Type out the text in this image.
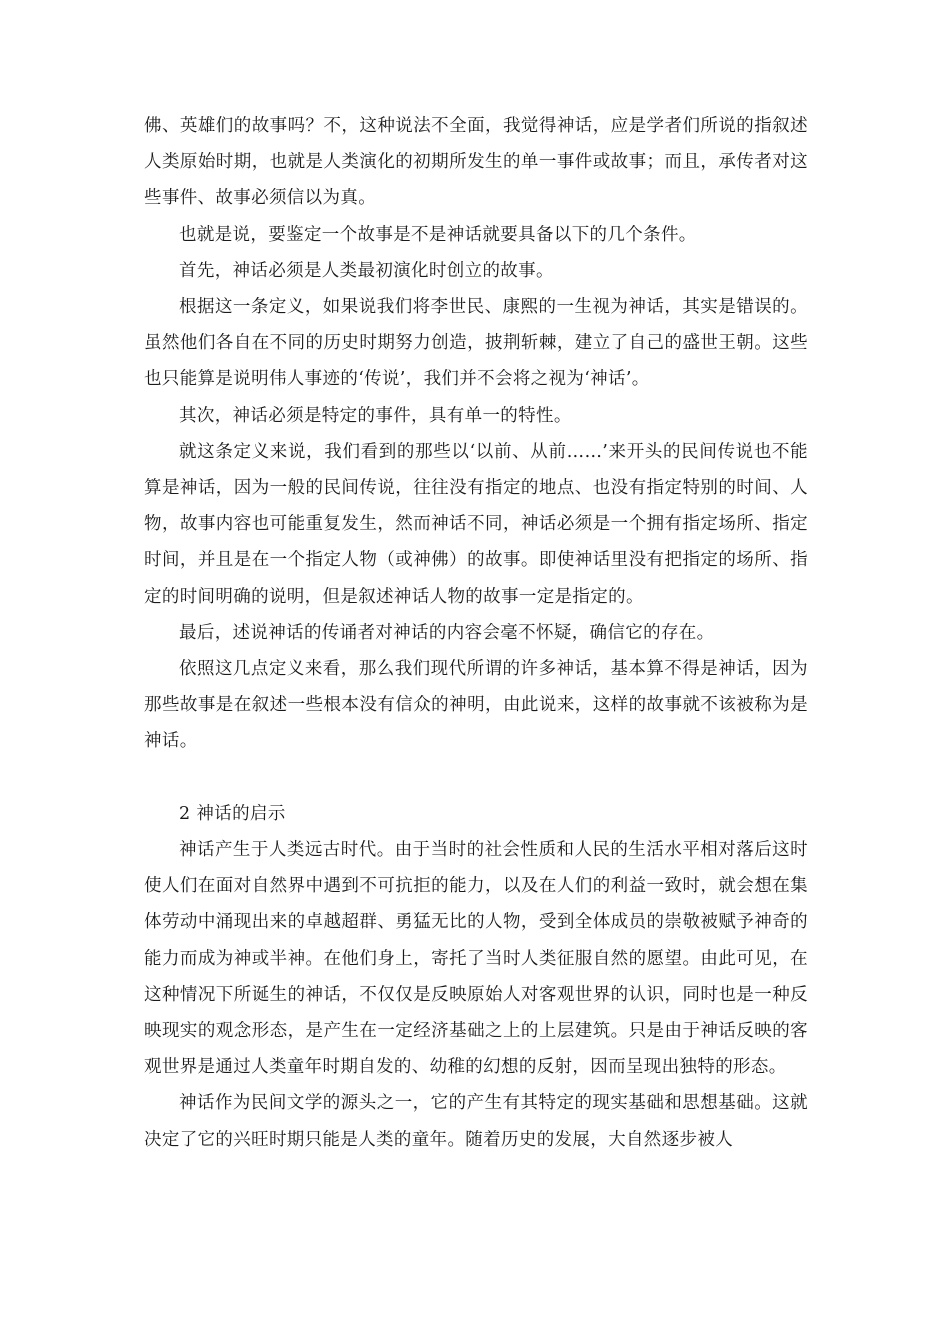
佛、英雄们的故事吗？不，这种说法不全面，我觉得神话，应是学者们所说的指叙述人类原始时期，也就是人类演化的初期所发生的单一事件或故事；而且，承传者对这些事件、故事必须信以为真。

也就是说，要鉴定一个故事是不是神话就要具备以下的几个条件。

首先，神话必须是人类最初演化时创立的故事。

根据这一条定义，如果说我们将李世民、康熙的一生视为神话，其实是错误的。虽然他们各自在不同的历史时期努力创造，披荆斩棘，建立了自己的盛世王朝。这些也只能算是说明伟人事迹的‘传说’，我们并不会将之视为‘神话’。

其次，神话必须是特定的事件，具有单一的特性。

就这条定义来说，我们看到的那些以‘以前、从前……’来开头的民间传说也不能算是神话，因为一般的民间传说，往往没有指定的地点、也没有指定特别的时间、人物，故事内容也可能重复发生，然而神话不同，神话必须是一个拥有指定场所、指定时间，并且是在一个指定人物（或神佛）的故事。即使神话里没有把指定的场所、指定的时间明确的说明，但是叙述神话人物的故事一定是指定的。

最后，述说神话的传诵者对神话的内容会毫不怀疑，确信它的存在。

依照这几点定义来看，那么我们现代所谓的许多神话，基本算不得是神话，因为那些故事是在叙述一些根本没有信众的神明，由此说来，这样的故事就不该被称为是神话。

2 神话的启示

神话产生于人类远古时代。由于当时的社会性质和人民的生活水平相对落后这时使人们在面对自然界中遇到不可抗拒的能力，以及在人们的利益一致时，就会想在集体劳动中涌现出来的卓越超群、勇猛无比的人物，受到全体成员的崇敬被赋予神奇的能力而成为神或半神。在他们身上，寄托了当时人类征服自然的愿望。由此可见，在这种情况下所诞生的神话，不仅仅是反映原始人对客观世界的认识，同时也是一种反映现实的观念形态，是产生在一定经济基础之上的上层建筑。只是由于神话反映的客观世界是通过人类童年时期自发的、幼稚的幻想的反射，因而呈现出独特的形态。

神话作为民间文学的源头之一，它的产生有其特定的现实基础和思想基础。这就决定了它的兴旺时期只能是人类的童年。随着历史的发展，大自然逐步被人
